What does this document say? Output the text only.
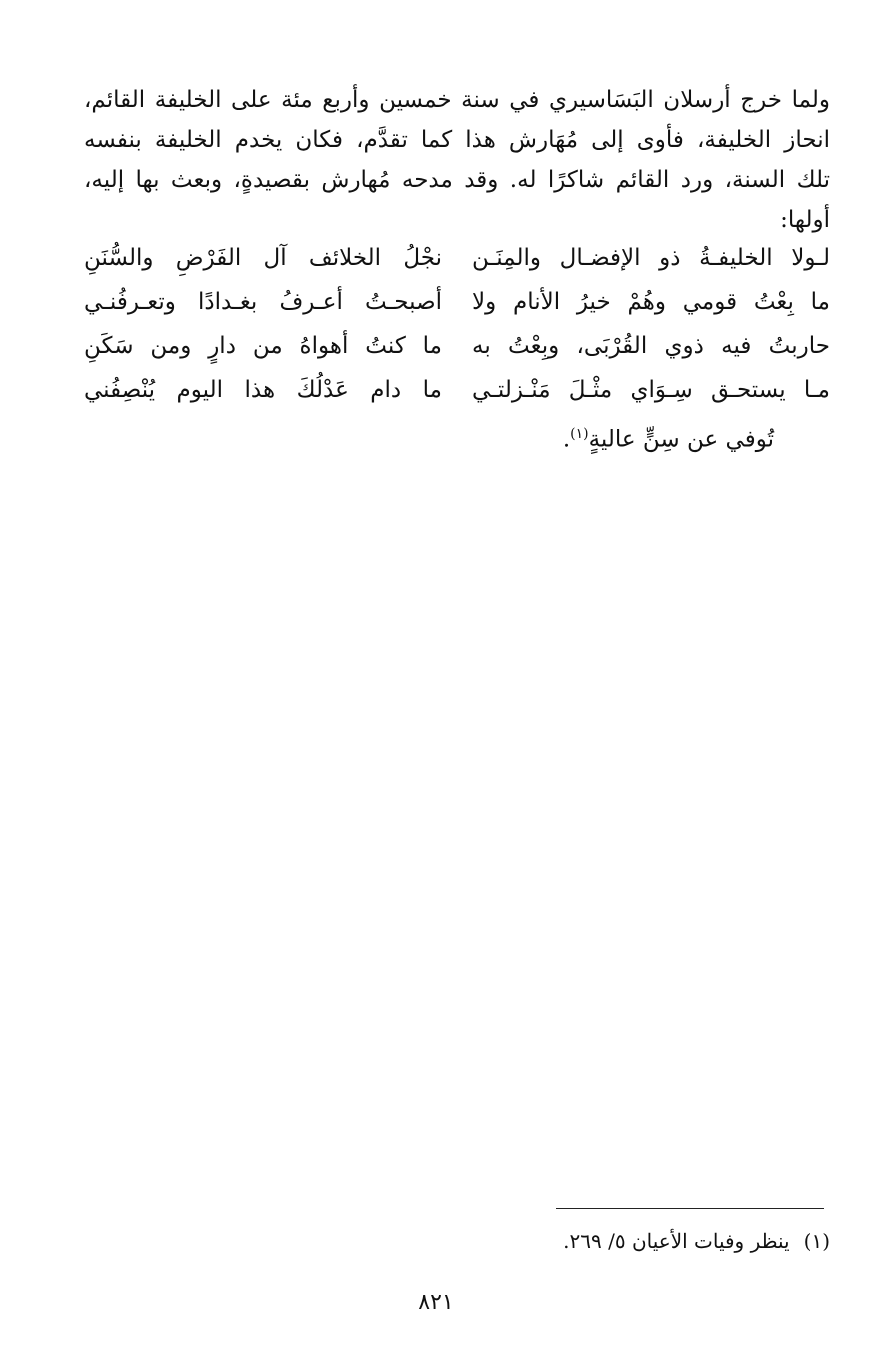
ولما خرج أرسلان البَسَاسيري في سنة خمسين وأربع مئة على الخليفة القائم،
انحاز الخليفة، فأوى إلى مُهَارش هذا كما تقدَّم، فكان يخدم الخليفة بنفسه
تلك السنة، ورد القائم شاكرًا له. وقد مدحه مُهارش بقصيدةٍ، وبعث بها إليه،
أولها:
لـولا الخليفـةُ ذو الإفضـال والمِنَـن
نجْلُ الخلائف آل الفَرْضِ والسُّنَنِ
ما بِعْتُ قومي وهُمْ خيرُ الأنام ولا
أصبحـتُ أعـرفُ بغـدادًا وتعـرفُنـي
حاربتُ فيه ذوي القُرْبَى، وبِعْتُ به
ما كنتُ أهواهُ من دارٍ ومن سَكَنِ
مـا يستحـق سِـوَاي مثْـلَ مَنْـزلتـي
ما دام عَدْلُكَ هذا اليوم يُنْصِفُني
تُوفي عن سِنٍّ عاليةٍ$^{(١)}$.
(١)ينظر وفيات الأعيان ٥/ ٢٦٩.
٨٢١
